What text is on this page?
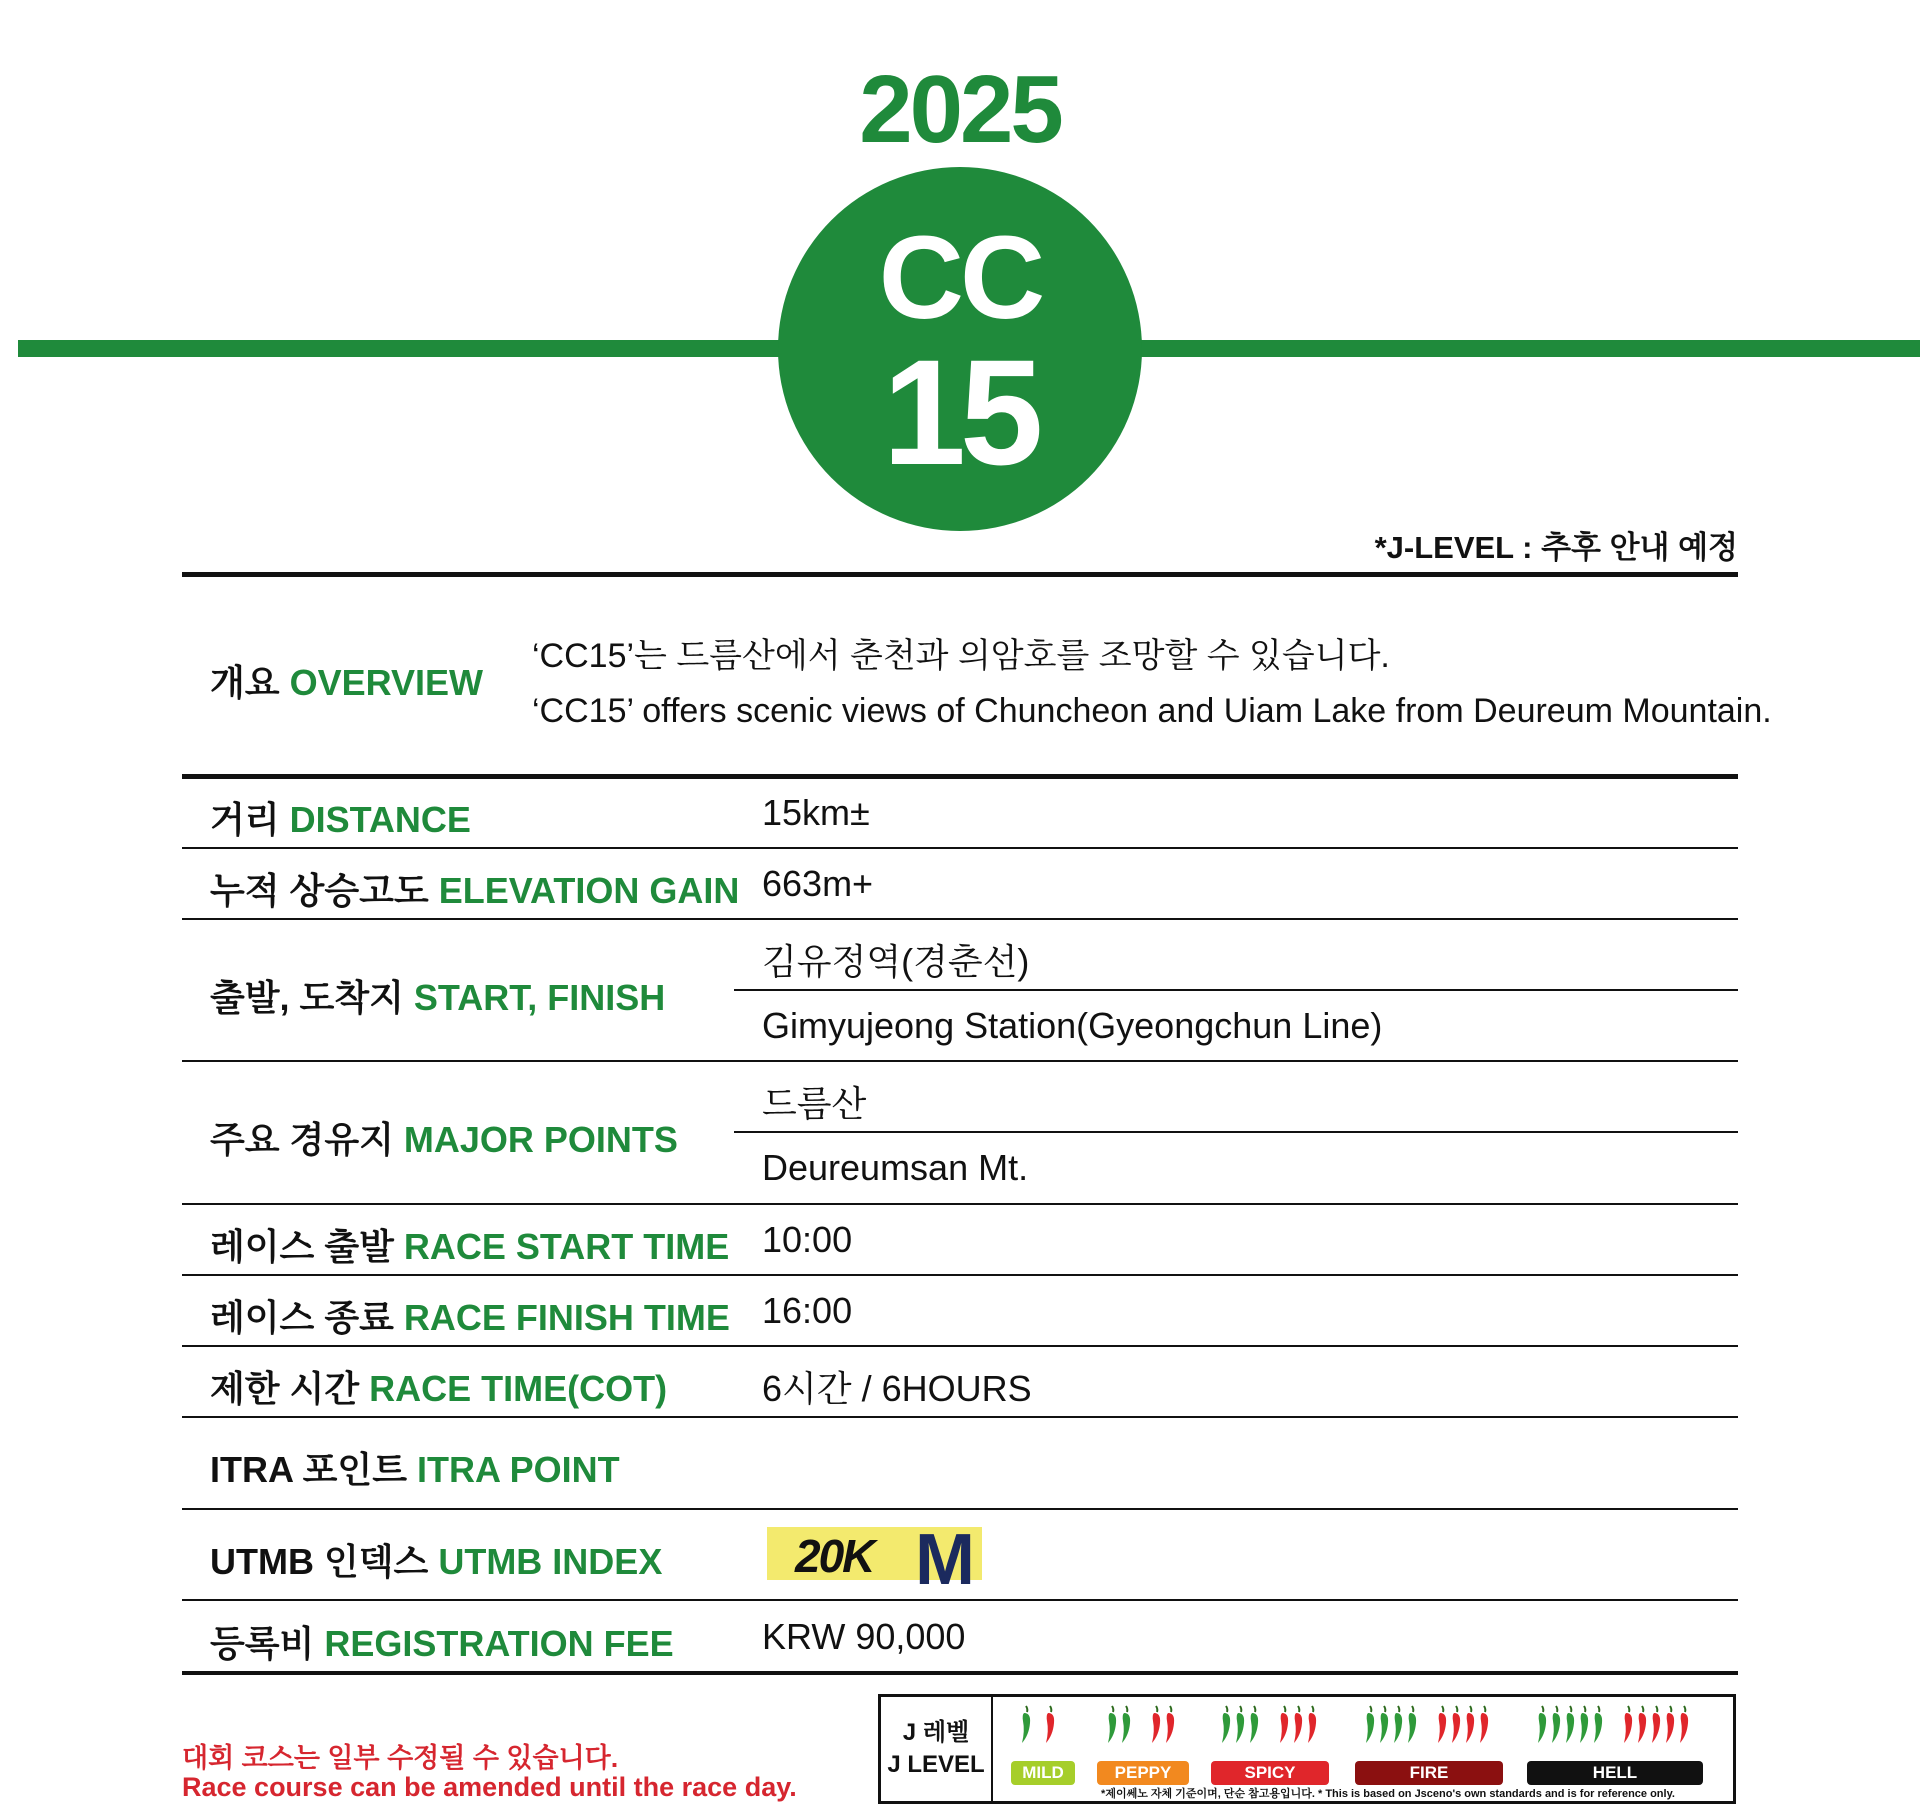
2025
CC
15
*J-LEVEL : 추후 안내 예정
개요 OVERVIEW
‘CC15’는 드름산에서 춘천과 의암호를 조망할 수 있습니다.
‘CC15’ offers scenic views of Chuncheon and Uiam Lake from Deureum Mountain.
거리 DISTANCE	15km±
누적 상승고도 ELEVATION GAIN 663m+
출발, 도착지 START, FINISH
김유정역(경춘선)
Gimyujeong Station(Gyeongchun Line)
주요 경유지 MAJOR POINTS
드름산
Deureumsan Mt.
레이스 출발 RACE START TIME 10:00
레이스 종료 RACE FINISH TIME 16:00
제한 시간 RACE TIME(COT)	6시간 / 6HOURS
ITRA 포인트 ITRA POINT
UTMB 인덱스 UTMB INDEX	20K M
등록비 REGISTRATION FEE KRW 90,000
대회 코스는 일부 수정될 수 있습니다.
Race course can be amended until the race day.
J 레벨
J LEVEL	MILD	PEPPY	SPICY	FIRE	HELL
*제이쎄노 자체 기준이며, 단순 참고용입니다. * This is based on Jsceno's own standards and is for reference only.
